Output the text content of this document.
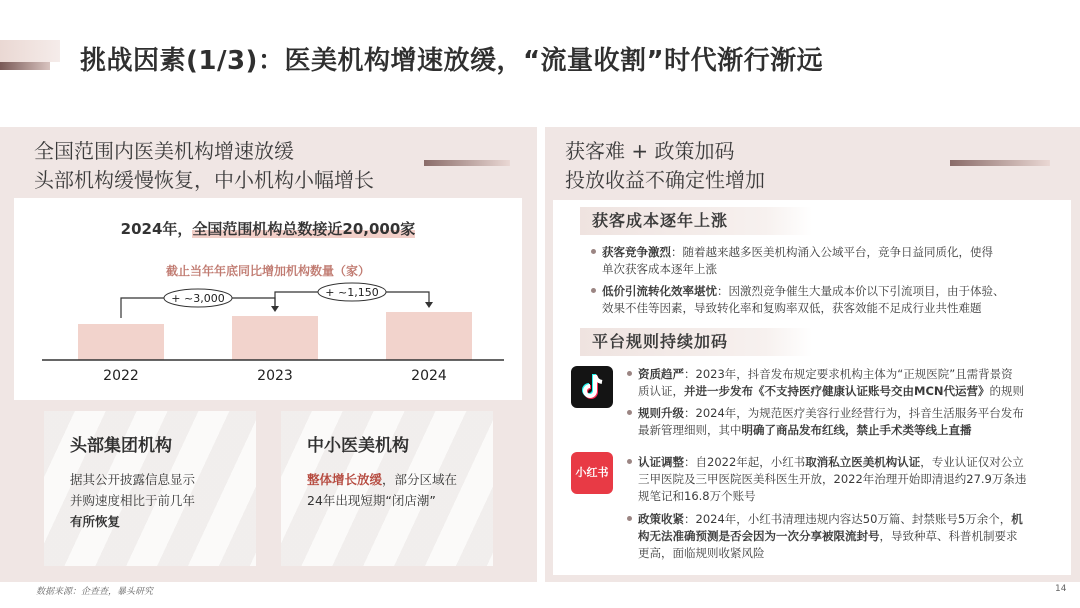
挑战因素(1/3)：医美机构增速放缓，“流量收割”时代渐行渐远
全国范围内医美机构增速放缓
头部机构缓慢恢复，中小机构小幅增长
2024年，全国范围机构总数接近20,000家
截止当年年底同比增加机构数量（家）
2022	2023	2024
+ ~3,000	+ ~1,150
头部集团机构
据其公开披露信息显示
并购速度相比于前几年
有所恢复
中小医美机构
整体增长放缓，部分区域在
24年出现短期“闭店潮”
获客难 + 政策加码
投放收益不确定性增加
获客成本逐年上涨
获客竞争激烈：随着越来越多医美机构涌入公域平台，竞争日益同质化，使得
单次获客成本逐年上涨
低价引流转化效率堪忧：因激烈竞争催生大量成本价以下引流项目，由于体验、
效果不佳等因素，导致转化率和复购率双低，获客效能不足成行业共性难题
平台规则持续加码
资质趋严：2023年，抖音发布规定要求机构主体为“正规医院”且需背景资
质认证，并进一步发布《不支持医疗健康认证账号交由MCN代运营》的规则
规则升级：2024年，为规范医疗美容行业经营行为，抖音生活服务平台发布
最新管理细则，其中明确了商品发布红线，禁止手术类等线上直播
小红书
认证调整：自2022年起，小红书取消私立医美机构认证，专业认证仅对公立
三甲医院及三甲医院医美科医生开放，2022年治理开始即清退约27.9万条违
规笔记和16.8万个账号
政策收紧：2024年，小红书清理违规内容达50万篇、封禁账号5万余个，机
构无法准确预测是否会因为一次分享被限流封号，导致种草、科普机制要求
更高，面临规则收紧风险
数据来源：企查查，暴头研究	14
